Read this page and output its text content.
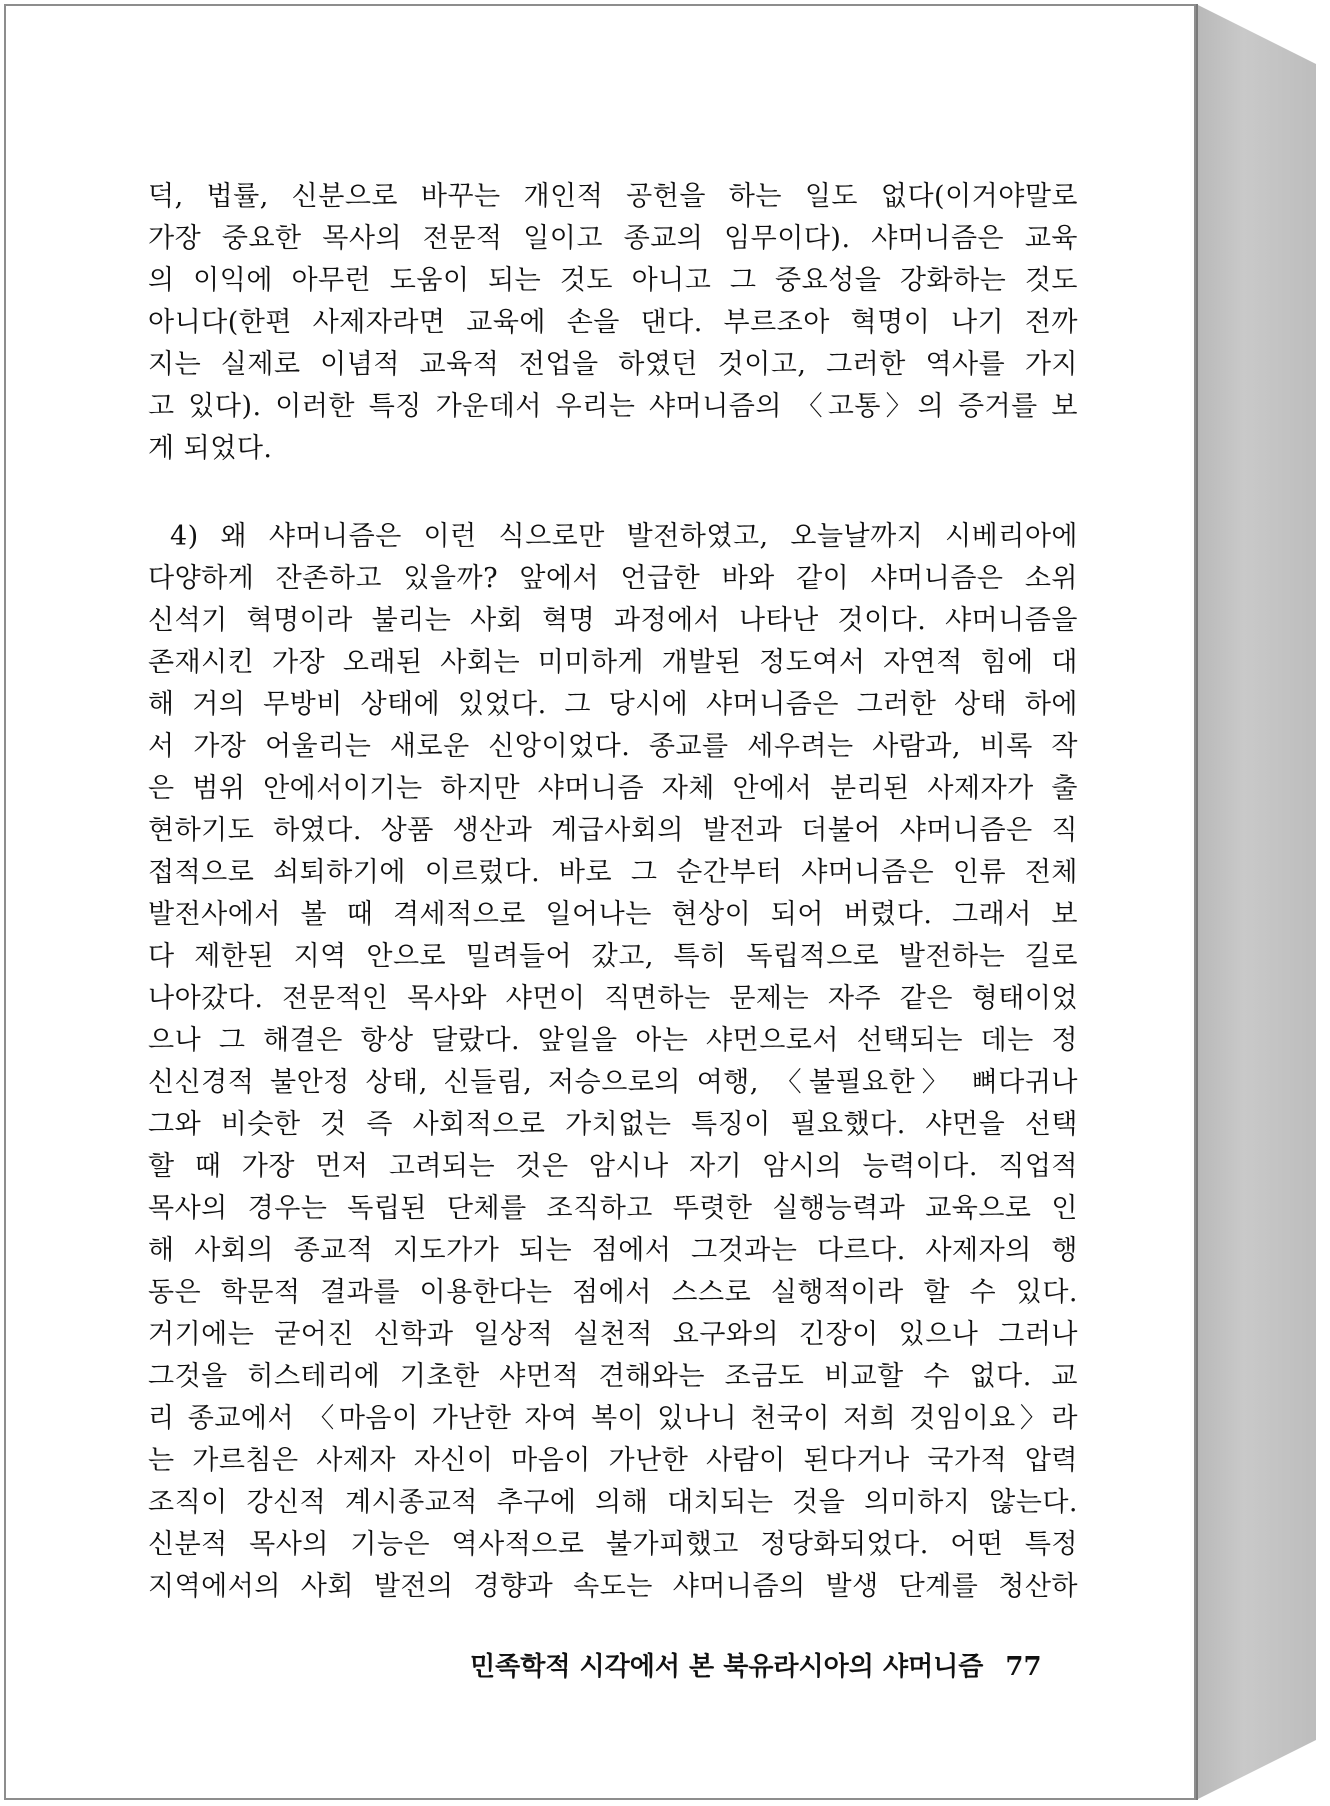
덕, 법률, 신분으로 바꾸는 개인적 공헌을 하는 일도 없다(이거야말로
가장 중요한 목사의 전문적 일이고 종교의 임무이다). 샤머니즘은 교육
의 이익에 아무런 도움이 되는 것도 아니고 그 중요성을 강화하는 것도
아니다(한편 사제자라면 교육에 손을 댄다. 부르조아 혁명이 나기 전까
지는 실제로 이념적 교육적 전업을 하였던 것이고, 그러한 역사를 가지
고 있다). 이러한 특징 가운데서 우리는 샤머니즘의 〈고통〉의 증거를 보
게 되었다.
4) 왜 샤머니즘은 이런 식으로만 발전하였고, 오늘날까지 시베리아에
다양하게 잔존하고 있을까? 앞에서 언급한 바와 같이 샤머니즘은 소위
신석기 혁명이라 불리는 사회 혁명 과정에서 나타난 것이다. 샤머니즘을
존재시킨 가장 오래된 사회는 미미하게 개발된 정도여서 자연적 힘에 대
해 거의 무방비 상태에 있었다. 그 당시에 샤머니즘은 그러한 상태 하에
서 가장 어울리는 새로운 신앙이었다. 종교를 세우려는 사람과, 비록 작
은 범위 안에서이기는 하지만 샤머니즘 자체 안에서 분리된 사제자가 출
현하기도 하였다. 상품 생산과 계급사회의 발전과 더불어 샤머니즘은 직
접적으로 쇠퇴하기에 이르렀다. 바로 그 순간부터 샤머니즘은 인류 전체
발전사에서 볼 때 격세적으로 일어나는 현상이 되어 버렸다. 그래서 보
다 제한된 지역 안으로 밀려들어 갔고, 특히 독립적으로 발전하는 길로
나아갔다. 전문적인 목사와 샤먼이 직면하는 문제는 자주 같은 형태이었
으나 그 해결은 항상 달랐다. 앞일을 아는 샤먼으로서 선택되는 데는 정
신신경적 불안정 상태, 신들림, 저승으로의 여행, 〈불필요한〉 뼈다귀나
그와 비슷한 것 즉 사회적으로 가치없는 특징이 필요했다. 샤먼을 선택
할 때 가장 먼저 고려되는 것은 암시나 자기 암시의 능력이다. 직업적
목사의 경우는 독립된 단체를 조직하고 뚜렷한 실행능력과 교육으로 인
해 사회의 종교적 지도가가 되는 점에서 그것과는 다르다. 사제자의 행
동은 학문적 결과를 이용한다는 점에서 스스로 실행적이라 할 수 있다.
거기에는 굳어진 신학과 일상적 실천적 요구와의 긴장이 있으나 그러나
그것을 히스테리에 기초한 샤먼적 견해와는 조금도 비교할 수 없다. 교
리 종교에서 〈마음이 가난한 자여 복이 있나니 천국이 저희 것임이요〉라
는 가르침은 사제자 자신이 마음이 가난한 사람이 된다거나 국가적 압력
조직이 강신적 계시종교적 추구에 의해 대치되는 것을 의미하지 않는다.
신분적 목사의 기능은 역사적으로 불가피했고 정당화되었다. 어떤 특정
지역에서의 사회 발전의 경향과 속도는 샤머니즘의 발생 단계를 청산하
민족학적 시각에서 본 북유라시아의 샤머니즘 77
